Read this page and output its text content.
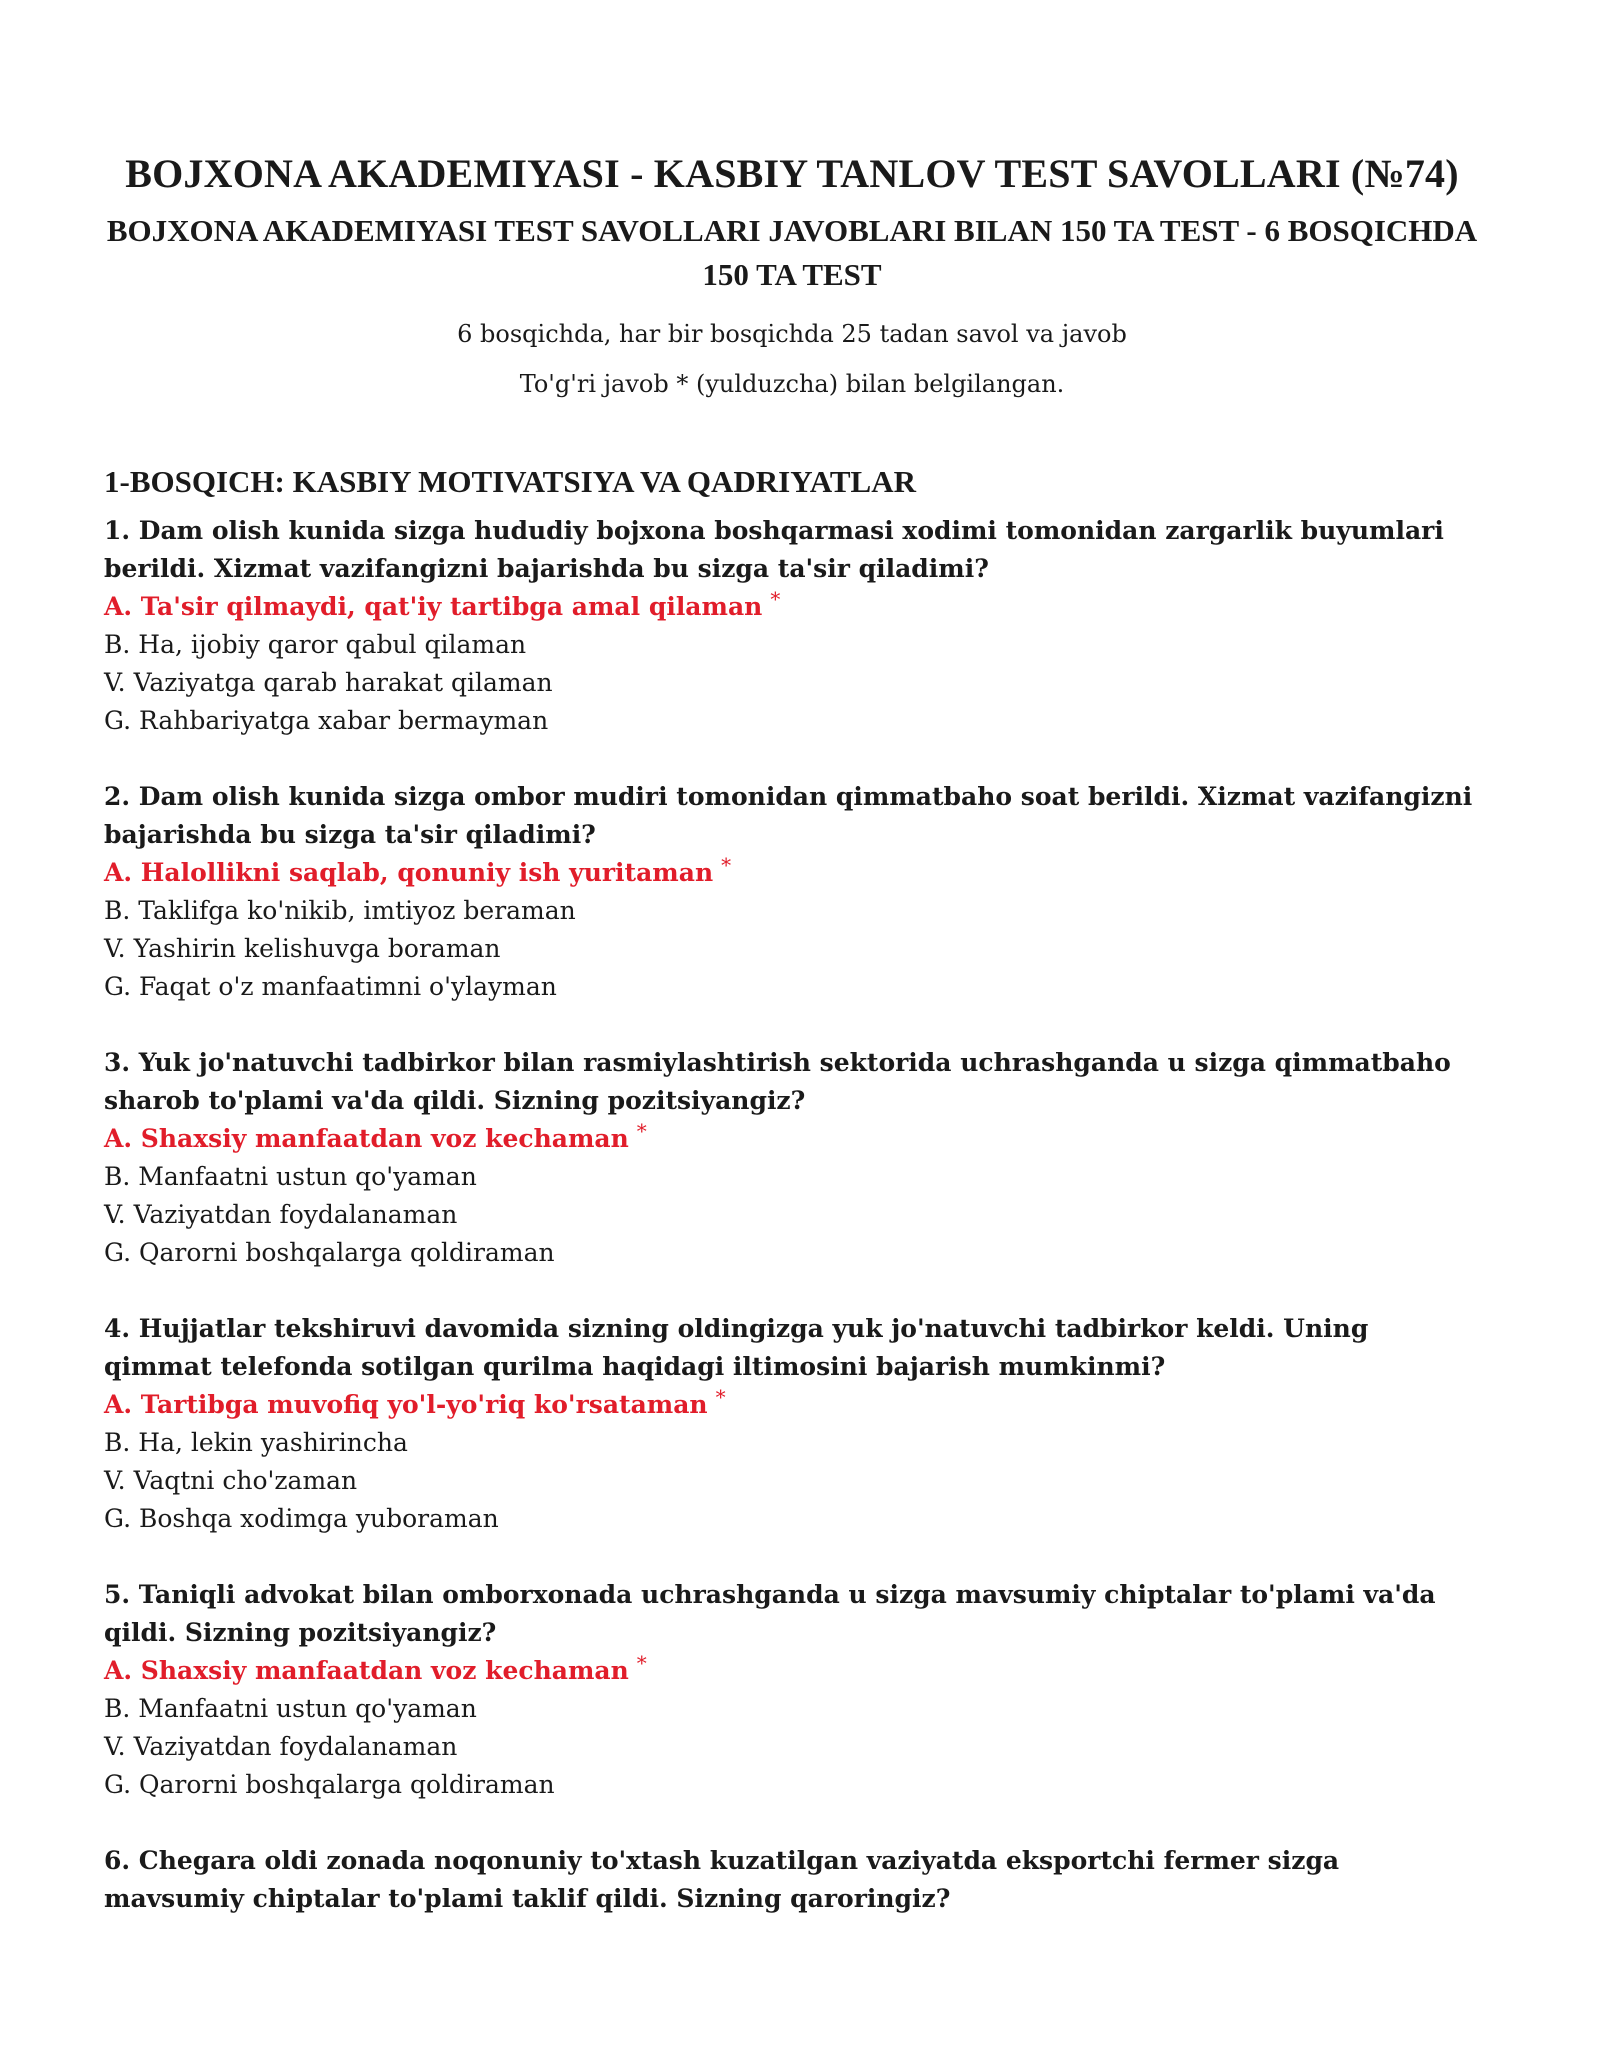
BOJXONA AKADEMIYASI - KASBIY TANLOV TEST SAVOLLARI (№74)
BOJXONA AKADEMIYASI TEST SAVOLLARI JAVOBLARI BILAN 150 TA TEST - 6 BOSQICHDA 150 TA TEST

6 bosqichda, har bir bosqichda 25 tadan savol va javob

To'g'ri javob * (yulduzcha) bilan belgilangan.

1-BOSQICH: KASBIY MOTIVATSIYA VA QADRIYATLAR

1. Dam olish kunida sizga hududiy bojxona boshqarmasi xodimi tomonidan zargarlik buyumlari berildi. Xizmat vazifangizni bajarishda bu sizga ta'sir qiladimi?

A. Ta'sir qilmaydi, qat'iy tartibga amal qilaman *

B. Ha, ijobiy qaror qabul qilaman

V. Vaziyatga qarab harakat qilaman

G. Rahbariyatga xabar bermayman

2. Dam olish kunida sizga ombor mudiri tomonidan qimmatbaho soat berildi. Xizmat vazifangizni bajarishda bu sizga ta'sir qiladimi?

A. Halollikni saqlab, qonuniy ish yuritaman *

B. Taklifga ko'nikib, imtiyoz beraman

V. Yashirin kelishuvga boraman

G. Faqat o'z manfaatimni o'ylayman

3. Yuk jo'natuvchi tadbirkor bilan rasmiylashtirish sektorida uchrashganda u sizga qimmatbaho sharob to'plami va'da qildi. Sizning pozitsiyangiz?

A. Shaxsiy manfaatdan voz kechaman *

B. Manfaatni ustun qo'yaman

V. Vaziyatdan foydalanaman

G. Qarorni boshqalarga qoldiraman

4. Hujjatlar tekshiruvi davomida sizning oldingizga yuk jo'natuvchi tadbirkor keldi. Uning qimmat telefonda sotilgan qurilma haqidagi iltimosini bajarish mumkinmi?

A. Tartibga muvofiq yo'l-yo'riq ko'rsataman *

B. Ha, lekin yashirincha

V. Vaqtni cho'zaman

G. Boshqa xodimga yuboraman

5. Taniqli advokat bilan omborxonada uchrashganda u sizga mavsumiy chiptalar to'plami va'da qildi. Sizning pozitsiyangiz?

A. Shaxsiy manfaatdan voz kechaman *

B. Manfaatni ustun qo'yaman

V. Vaziyatdan foydalanaman

G. Qarorni boshqalarga qoldiraman

6. Chegara oldi zonada noqonuniy to'xtash kuzatilgan vaziyatda eksportchi fermer sizga mavsumiy chiptalar to'plami taklif qildi. Sizning qaroringiz?
